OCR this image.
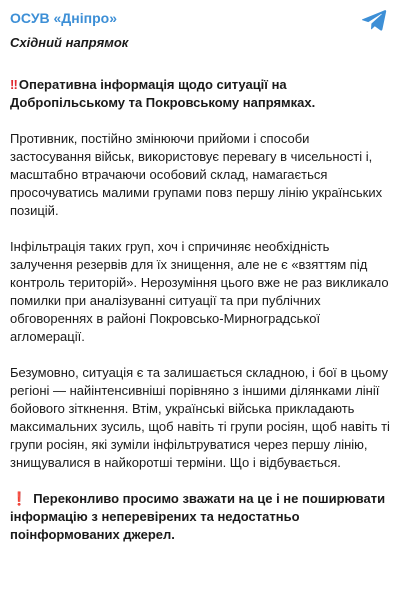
ОСУВ «Дніпро»
Східний напрямок

‼ Оперативна інформація щодо ситуації на Добропільському та Покровському напрямках.

Противник, постійно змінюючи прийоми і способи застосування військ, використовує перевагу в чисельності і, масштабно втрачаючи особовий склад, намагається просочуватись малими групами повз першу лінію українських позицій.

Інфільтрація таких груп, хоч і спричиняє необхідність залучення резервів для їх знищення, але не є «взяттям під контроль територій». Нерозуміння цього вже не раз викликало помилки при аналізуванні ситуації та при публічних обговореннях в районі Покровсько-Мирноградської агломерації.

Безумовно, ситуація є та залишається складною, і бої в цьому регіоні — найінтенсивніші порівняно з іншими ділянками лінії бойового зіткнення. Втім, українські війська прикладають максимальних зусиль, щоб навіть ті групи росіян, щоб навіть ті групи росіян, які зуміли інфільтруватися через першу лінію, знищувалися в найкоротші терміни. Що і відбувається.

❗ Переконливо просимо зважати на це і не поширювати інформацію з неперевірених та недостатньо поінформованих джерел.
